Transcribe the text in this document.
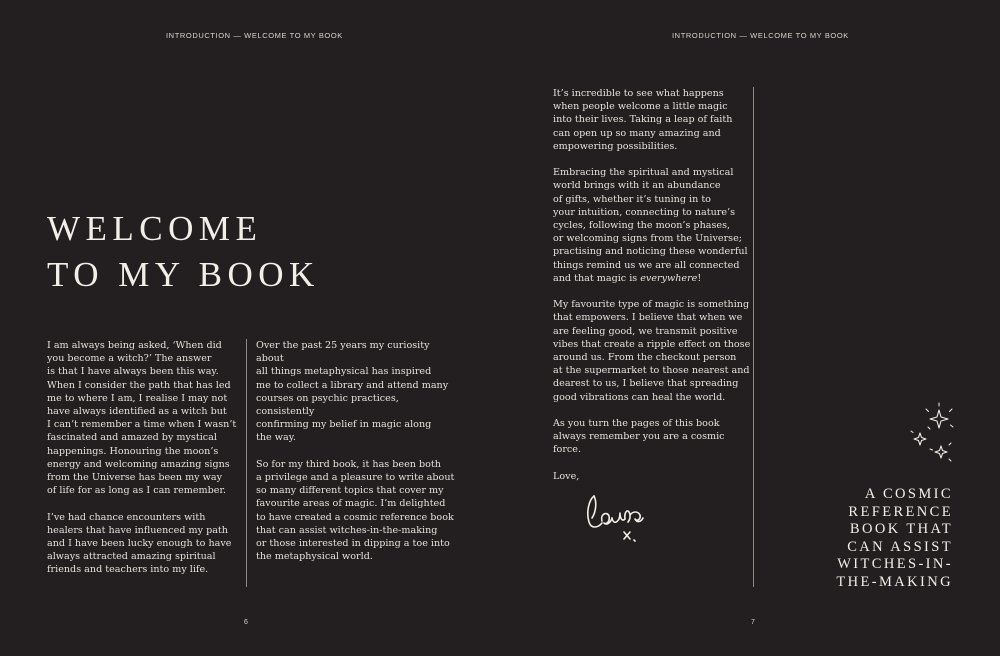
INTRODUCTION — WELCOME TO MY BOOK
WELCOME
TO MY BOOK

I am always being asked, ‘When did
you become a witch?’ The answer
is that I have always been this way.
When I consider the path that has led
me to where I am, I realise I may not
have always identified as a witch but
I can’t remember a time when I wasn’t
fascinated and amazed by mystical
happenings. Honouring the moon’s
energy and welcoming amazing signs
from the Universe has been my way
of life for as long as I can remember.

I’ve had chance encounters with
healers that have influenced my path
and I have been lucky enough to have
always attracted amazing spiritual
friends and teachers into my life.

Over the past 25 years my curiosity about
all things metaphysical has inspired
me to collect a library and attend many
courses on psychic practices, consistently
confirming my belief in magic along
the way.

So for my third book, it has been both
a privilege and a pleasure to write about
so many different topics that cover my
favourite areas of magic. I’m delighted
to have created a cosmic reference book
that can assist witches-in-the-making
or those interested in dipping a toe into
the metaphysical world.

6
INTRODUCTION — WELCOME TO MY BOOK

It’s incredible to see what happens
when people welcome a little magic
into their lives. Taking a leap of faith
can open up so many amazing and
empowering possibilities.

Embracing the spiritual and mystical
world brings with it an abundance
of gifts, whether it’s tuning in to
your intuition, connecting to nature’s
cycles, following the moon’s phases,
or welcoming signs from the Universe;
practising and noticing these wonderful
things remind us we are all connected
and that magic is everywhere!

My favourite type of magic is something
that empowers. I believe that when we
are feeling good, we transmit positive
vibes that create a ripple effect on those
around us. From the checkout person
at the supermarket to those nearest and
dearest to us, I believe that spreading
good vibrations can heal the world.

As you turn the pages of this book
always remember you are a cosmic force.

Love,

A COSMIC
REFERENCE
BOOK THAT
CAN ASSIST
WITCHES-IN-
THE-MAKING
7
